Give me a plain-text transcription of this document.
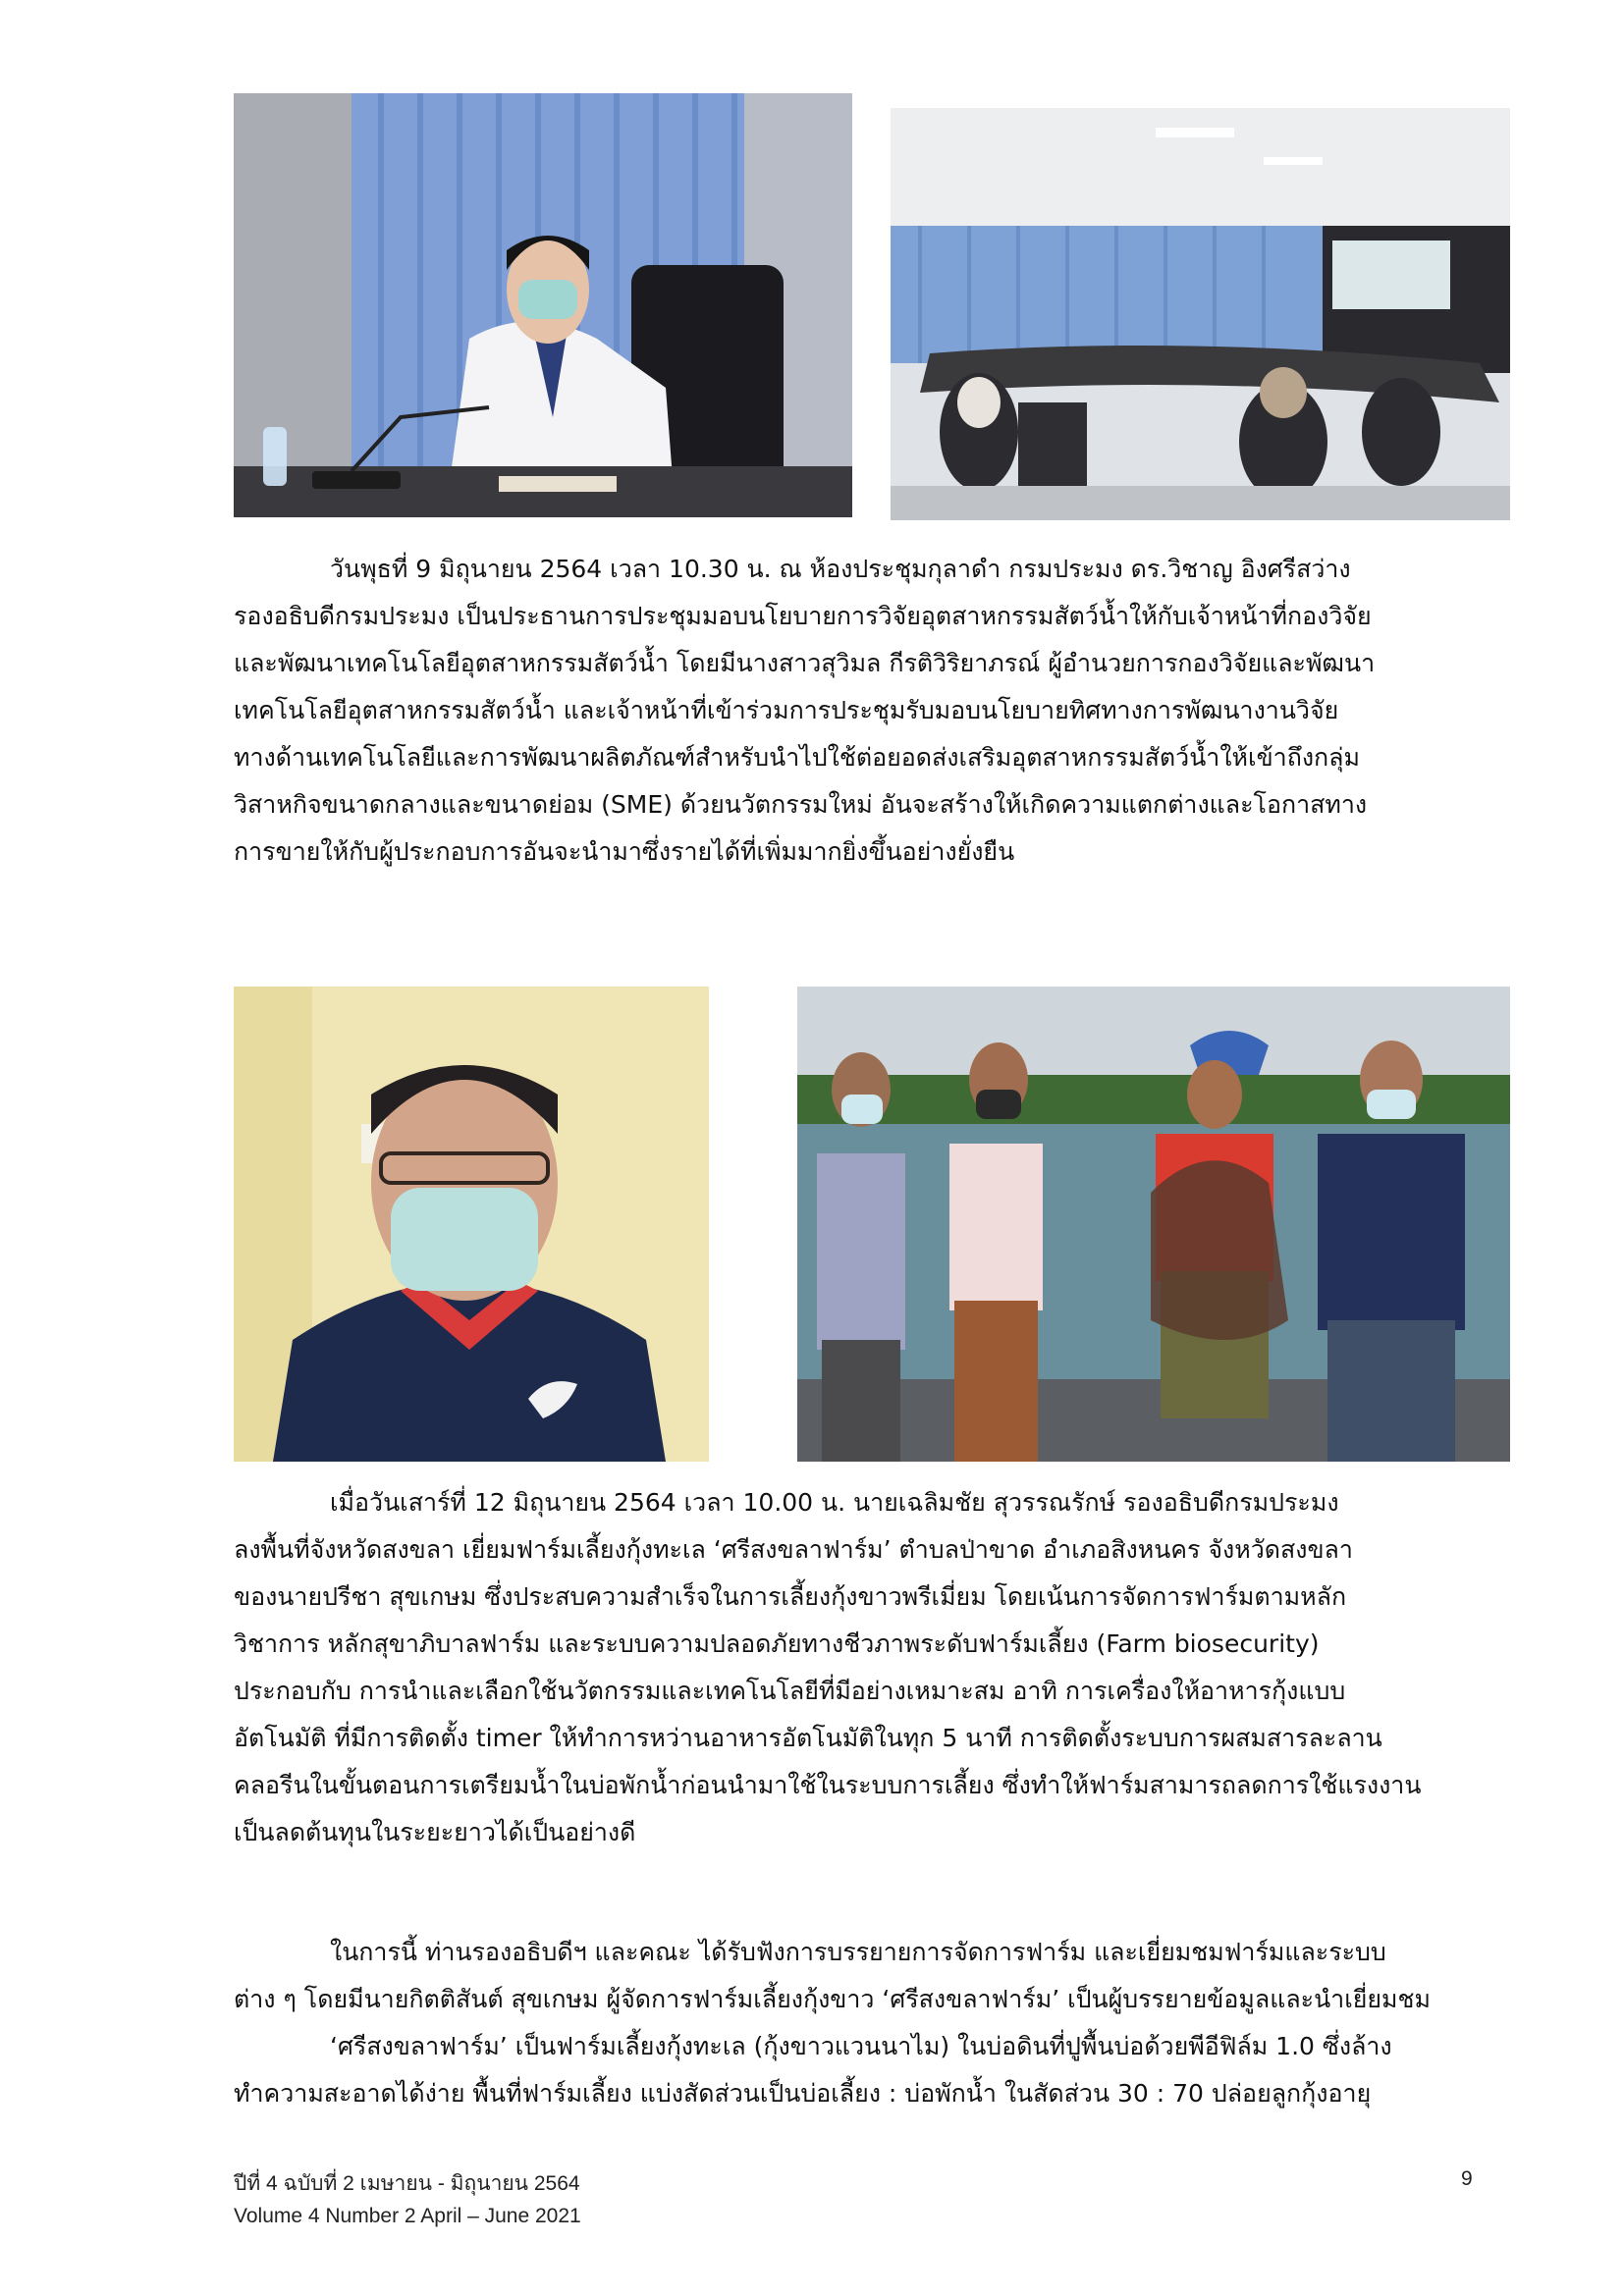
วันพุธที่ 9 มิถุนายน 2564 เวลา 10.30 น. ณ ห้องประชุมกุลาดำ กรมประมง ดร.วิชาญ อิงศรีสว่าง
รองอธิบดีกรมประมง เป็นประธานการประชุมมอบนโยบายการวิจัยอุตสาหกรรมสัตว์น้ำให้กับเจ้าหน้าที่กองวิจัย
และพัฒนาเทคโนโลยีอุตสาหกรรมสัตว์น้ำ โดยมีนางสาวสุวิมล กีรติวิริยาภรณ์ ผู้อำนวยการกองวิจัยและพัฒนา
เทคโนโลยีอุตสาหกรรมสัตว์น้ำ และเจ้าหน้าที่เข้าร่วมการประชุมรับมอบนโยบายทิศทางการพัฒนางานวิจัย
ทางด้านเทคโนโลยีและการพัฒนาผลิตภัณฑ์สำหรับนำไปใช้ต่อยอดส่งเสริมอุตสาหกรรมสัตว์น้ำให้เข้าถึงกลุ่ม
วิสาหกิจขนาดกลางและขนาดย่อม (SME) ด้วยนวัตกรรมใหม่ อันจะสร้างให้เกิดความแตกต่างและโอกาสทาง
การขายให้กับผู้ประกอบการอันจะนำมาซึ่งรายได้ที่เพิ่มมากยิ่งขึ้นอย่างยั่งยืน

เมื่อวันเสาร์ที่ 12 มิถุนายน 2564 เวลา 10.00 น. นายเฉลิมชัย สุวรรณรักษ์ รองอธิบดีกรมประมง
ลงพื้นที่จังหวัดสงขลา เยี่ยมฟาร์มเลี้ยงกุ้งทะเล ‘ศรีสงขลาฟาร์ม’ ตำบลป่าขาด อำเภอสิงหนคร จังหวัดสงขลา
ของนายปรีชา สุขเกษม ซึ่งประสบความสำเร็จในการเลี้ยงกุ้งขาวพรีเมี่ยม โดยเน้นการจัดการฟาร์มตามหลัก
วิชาการ หลักสุขาภิบาลฟาร์ม และระบบความปลอดภัยทางชีวภาพระดับฟาร์มเลี้ยง (Farm biosecurity)
ประกอบกับ การนำและเลือกใช้นวัตกรรมและเทคโนโลยีที่มีอย่างเหมาะสม อาทิ การเครื่องให้อาหารกุ้งแบบ
อัตโนมัติ ที่มีการติดตั้ง timer ให้ทำการหว่านอาหารอัตโนมัติในทุก 5 นาที การติดตั้งระบบการผสมสารละลาน
คลอรีนในขั้นตอนการเตรียมน้ำในบ่อพักน้ำก่อนนำมาใช้ในระบบการเลี้ยง ซึ่งทำให้ฟาร์มสามารถลดการใช้แรงงาน
เป็นลดต้นทุนในระยะยาวได้เป็นอย่างดี

ในการนี้ ท่านรองอธิบดีฯ และคณะ ได้รับฟังการบรรยายการจัดการฟาร์ม และเยี่ยมชมฟาร์มและระบบ
ต่าง ๆ โดยมีนายกิตติสันต์ สุขเกษม ผู้จัดการฟาร์มเลี้ยงกุ้งขาว ‘ศรีสงขลาฟาร์ม’ เป็นผู้บรรยายข้อมูลและนำเยี่ยมชม

‘ศรีสงขลาฟาร์ม’ เป็นฟาร์มเลี้ยงกุ้งทะเล (กุ้งขาวแวนนาไม) ในบ่อดินที่ปูพื้นบ่อด้วยพีอีฟิล์ม 1.0 ซึ่งล้าง
ทำความสะอาดได้ง่าย พื้นที่ฟาร์มเลี้ยง แบ่งสัดส่วนเป็นบ่อเลี้ยง : บ่อพักน้ำ ในสัดส่วน 30 : 70 ปล่อยลูกกุ้งอายุ

ปีที่ 4 ฉบับที่ 2 เมษายน - มิถุนายน 2564
Volume 4 Number 2 April – June 2021
9
